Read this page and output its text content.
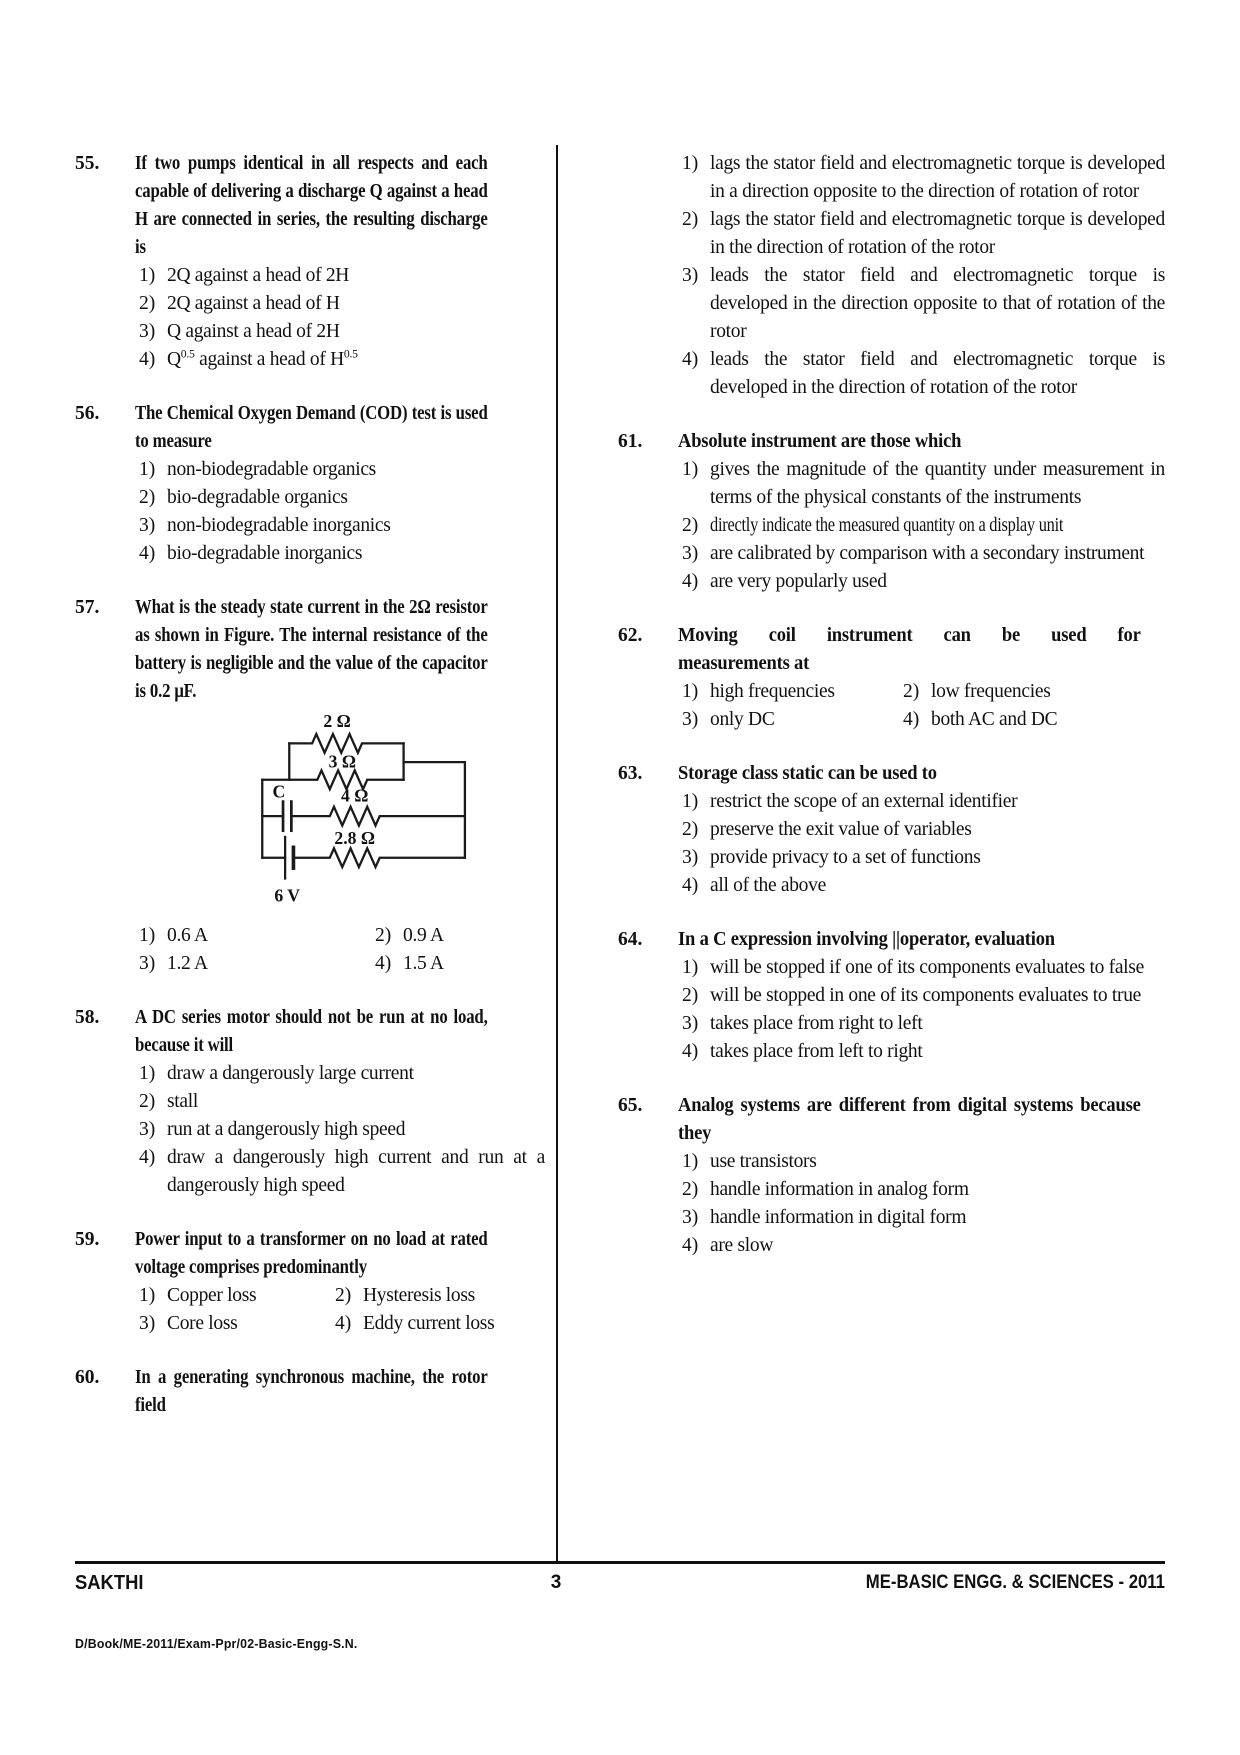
55.	If two pumps identical in all respects and each capable of delivering a discharge Q against a head H are connected in series, the resulting discharge is

1) 2Q against a head of 2H
2) 2Q against a head of H
3) Q against a head of 2H
4) $Q^{0.5}$ against a head of $H^{0.5}$
56.	The Chemical Oxygen Demand (COD) test is used to measure

1) non-biodegradable organics
2) bio-degradable organics
3) non-biodegradable inorganics
4) bio-degradable inorganics
57.	What is the steady state current in the 2Ω resistor as shown in Figure. The internal resistance of the battery is negligible and the value of the capacitor is 0.2 μF.

2 Ω
3 Ω
C	4 Ω
2.8 Ω
6 V
1) 0.6 A	2) 0.9 A
3) 1.2 A	4) 1.5 A
58.	A DC series motor should not be run at no load, because it will

1) draw a dangerously large current
2) stall
3) run at a dangerously high speed
4) draw a dangerously high current and run at a dangerously high speed
59.	Power input to a transformer on no load at rated voltage comprises predominantly

1) Copper loss	2) Hysteresis loss
3) Core loss	4) Eddy current loss
60.	In a generating synchronous machine, the rotor field

1) lags the stator field and electromagnetic torque is developed in a direction opposite to the direction of rotation of rotor
2) lags the stator field and electromagnetic torque is developed in the direction of rotation of the rotor
3) leads the stator field and electromagnetic torque is developed in the direction opposite to that of rotation of the rotor
4) leads the stator field and electromagnetic torque is developed in the direction of rotation of the rotor
61.	Absolute instrument are those which

1) gives the magnitude of the quantity under measurement in terms of the physical constants of the instruments
2) directly indicate the measured quantity on a display unit
3) are calibrated by comparison with a secondary instrument
4) are very popularly used
62.	Moving coil instrument can be used for
measurements at

1) high frequencies	2) low frequencies
3) only DC	4) both AC and DC
63.	Storage class static can be used to

1) restrict the scope of an external identifier
2) preserve the exit value of variables
3) provide privacy to a set of functions
4) all of the above
64.	In a C expression involving ||operator, evaluation

1) will be stopped if one of its components evaluates to false
2) will be stopped in one of its components evaluates to true
3) takes place from right to left
4) takes place from left to right
65.	Analog systems are different from digital systems because they

1) use transistors
2) handle information in analog form
3) handle information in digital form
4) are slow
SAKTHI	3	ME-BASIC ENGG. & SCIENCES - 2011
D/Book/ME-2011/Exam-Ppr/02-Basic-Engg-S.N.
